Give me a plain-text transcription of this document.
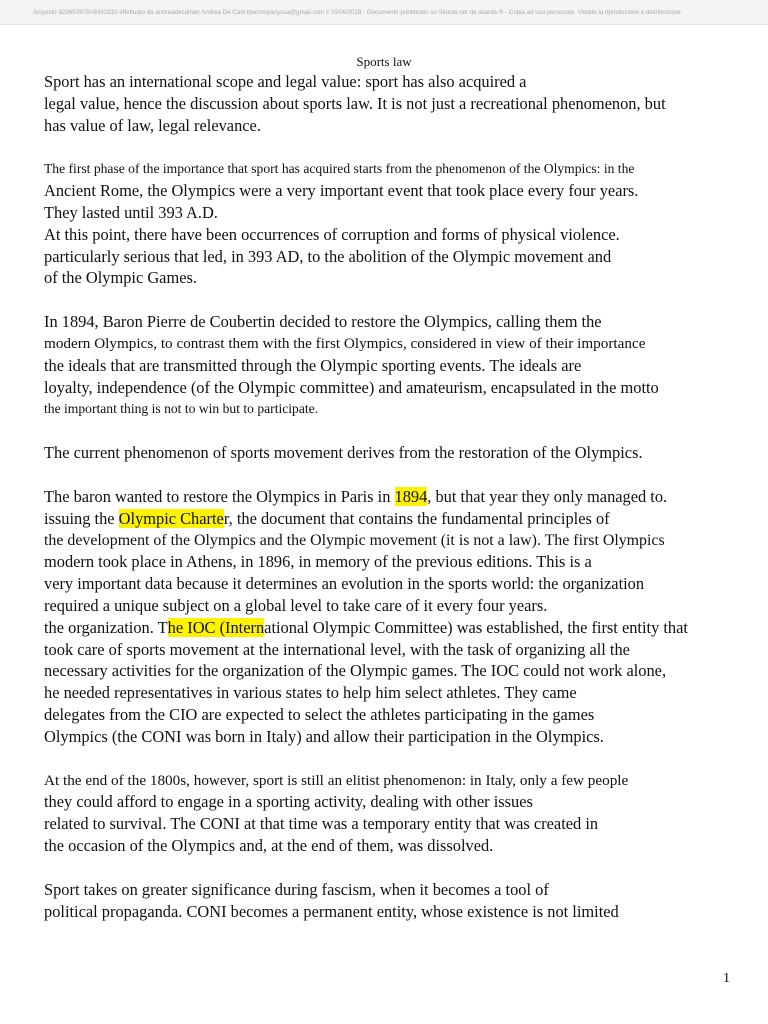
Acquisto 929657875V6362810 effettuato da andreadecarlian Andrea De Carli blucompanyssa@gmail.com il 15/06/2018 - Documento pubblicato su Skuola.net da sbarda ® - Copia ad uso personale. Vietata la riproduzione e distribuzione
Sports law
Sport has an international scope and legal value: sport has also acquired a
legal value, hence the discussion about sports law. It is not just a recreational phenomenon, but
has value of law, legal relevance.
The first phase of the importance that sport has acquired starts from the phenomenon of the Olympics: in the
Ancient Rome, the Olympics were a very important event that took place every four years.
They lasted until 393 A.D.
At this point, there have been occurrences of corruption and forms of physical violence.
particularly serious that led, in 393 AD, to the abolition of the Olympic movement and
of the Olympic Games.
In 1894, Baron Pierre de Coubertin decided to restore the Olympics, calling them the
modern Olympics, to contrast them with the first Olympics, considered in view of their importance
the ideals that are transmitted through the Olympic sporting events. The ideals are
loyalty, independence (of the Olympic committee) and amateurism, encapsulated in the motto
the important thing is not to win but to participate.
The current phenomenon of sports movement derives from the restoration of the Olympics.
The baron wanted to restore the Olympics in Paris in 1894, but that year they only managed to.
issuing the Olympic Charter, the document that contains the fundamental principles of
the development of the Olympics and the Olympic movement (it is not a law). The first Olympics
modern took place in Athens, in 1896, in memory of the previous editions. This is a
very important data because it determines an evolution in the sports world: the organization
required a unique subject on a global level to take care of it every four years.
the organization. The IOC (International Olympic Committee) was established, the first entity that
took care of sports movement at the international level, with the task of organizing all the
necessary activities for the organization of the Olympic games. The IOC could not work alone,
he needed representatives in various states to help him select athletes. They came
delegates from the CIO are expected to select the athletes participating in the games
Olympics (the CONI was born in Italy) and allow their participation in the Olympics.
At the end of the 1800s, however, sport is still an elitist phenomenon: in Italy, only a few people
they could afford to engage in a sporting activity, dealing with other issues
related to survival. The CONI at that time was a temporary entity that was created in
the occasion of the Olympics and, at the end of them, was dissolved.
Sport takes on greater significance during fascism, when it becomes a tool of
political propaganda. CONI becomes a permanent entity, whose existence is not limited
1
